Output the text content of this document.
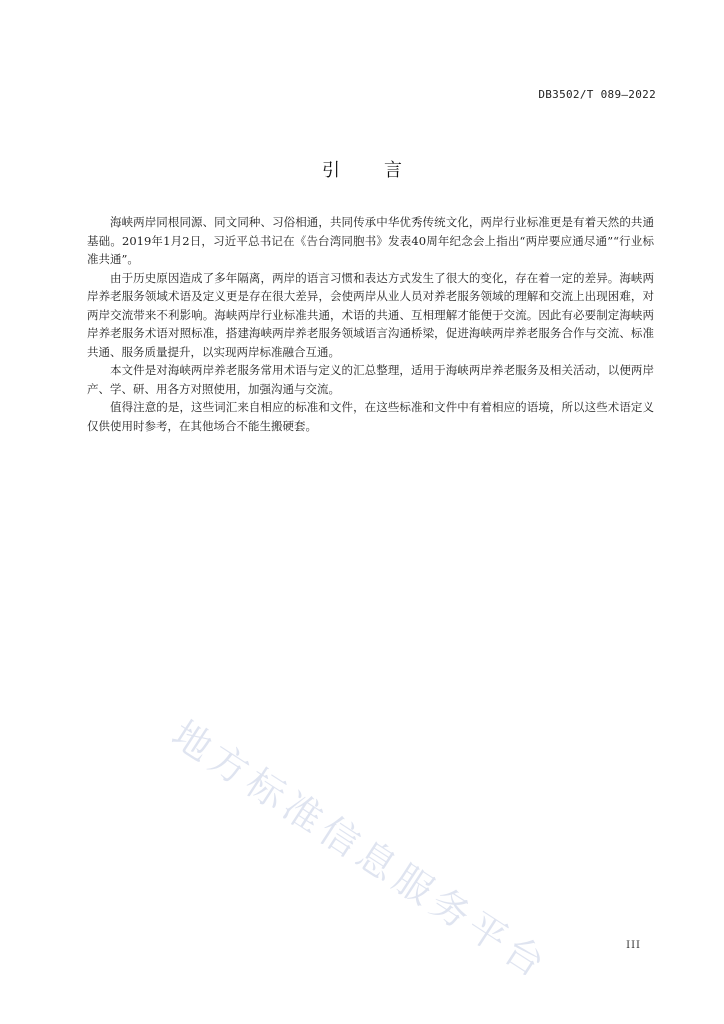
DB3502/T 089—2022
引言

海峡两岸同根同源、同文同种、习俗相通，共同传承中华优秀传统文化，两岸行业标准更是有着天然的共通基础。2019年1月2日，习近平总书记在《告台湾同胞书》发表40周年纪念会上指出“两岸要应通尽通”“行业标准共通”。

由于历史原因造成了多年隔离，两岸的语言习惯和表达方式发生了很大的变化，存在着一定的差异。海峡两岸养老服务领域术语及定义更是存在很大差异，会使两岸从业人员对养老服务领域的理解和交流上出现困难，对两岸交流带来不利影响。海峡两岸行业标准共通，术语的共通、互相理解才能便于交流。因此有必要制定海峡两岸养老服务术语对照标准，搭建海峡两岸养老服务领域语言沟通桥梁，促进海峡两岸养老服务合作与交流、标准共通、服务质量提升，以实现两岸标准融合互通。

本文件是对海峡两岸养老服务常用术语与定义的汇总整理，适用于海峡两岸养老服务及相关活动，以便两岸产、学、研、用各方对照使用，加强沟通与交流。

值得注意的是，这些词汇来自相应的标准和文件，在这些标准和文件中有着相应的语境，所以这些术语定义仅供使用时参考，在其他场合不能生搬硬套。

地方标准信息服务平台	III
